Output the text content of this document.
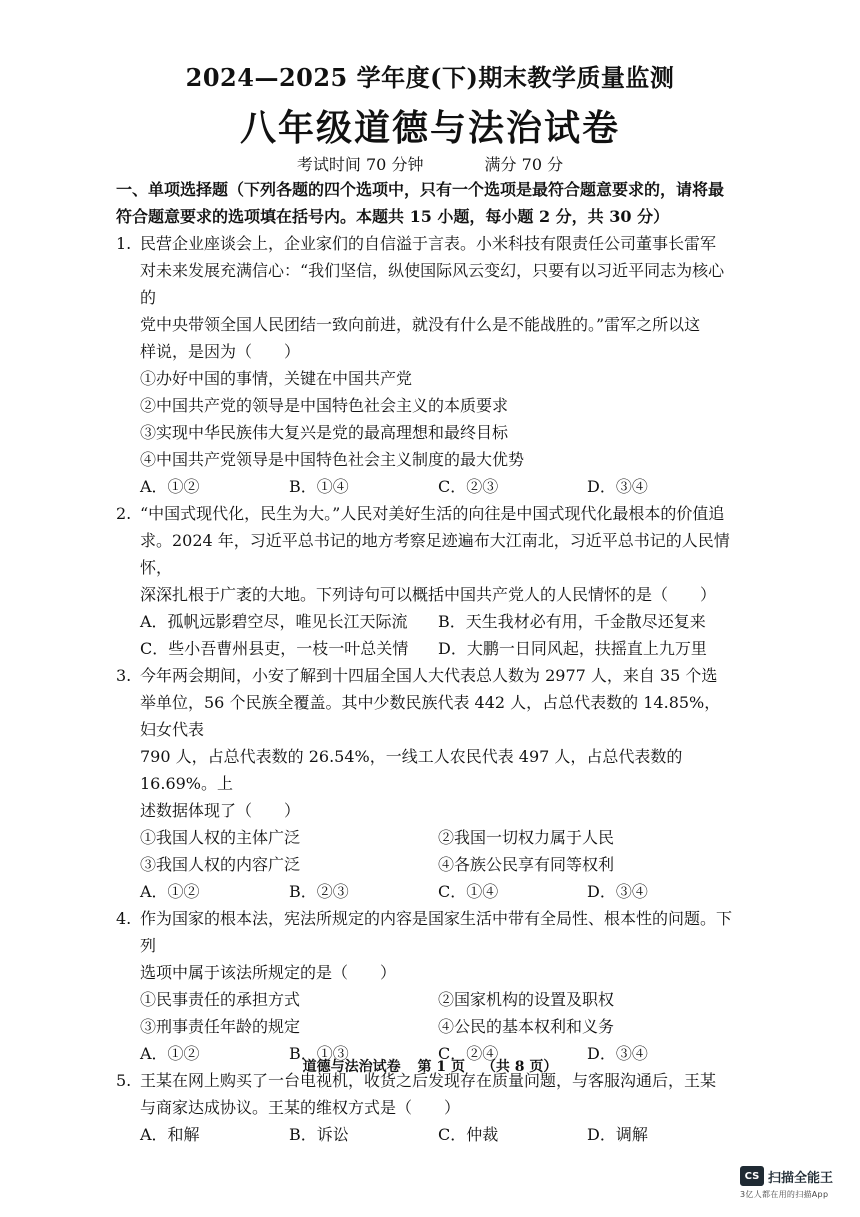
2024—2025 学年度(下)期末教学质量监测
八年级道德与法治试卷
考试时间 70 分钟	满分 70 分
一、单项选择题（下列各题的四个选项中，只有一个选项是最符合题意要求的，请将最
符合题意要求的选项填在括号内。本题共 15 小题，每小题 2 分，共 30 分）
1. 民营企业座谈会上，企业家们的自信溢于言表。小米科技有限责任公司董事长雷军
对未来发展充满信心：“我们坚信，纵使国际风云变幻，只要有以习近平同志为核心的
党中央带领全国人民团结一致向前进，就没有什么是不能战胜的。”雷军之所以这
样说，是因为（　　）
①办好中国的事情，关键在中国共产党
②中国共产党的领导是中国特色社会主义的本质要求
③实现中华民族伟大复兴是党的最高理想和最终目标
④中国共产党领导是中国特色社会主义制度的最大优势
A．①②	B．①④	C．②③	D．③④
2. “中国式现代化，民生为大。”人民对美好生活的向往是中国式现代化最根本的价值追
求。2024 年，习近平总书记的地方考察足迹遍布大江南北，习近平总书记的人民情怀，
深深扎根于广袤的大地。下列诗句可以概括中国共产党人的人民情怀的是（　　）
A．孤帆远影碧空尽，唯见长江天际流	B．天生我材必有用，千金散尽还复来
C．些小吾曹州县吏，一枝一叶总关情	D．大鹏一日同风起，扶摇直上九万里
3. 今年两会期间，小安了解到十四届全国人大代表总人数为 2977 人，来自 35 个选
举单位，56 个民族全覆盖。其中少数民族代表 442 人，占总代表数的 14.85%，妇女代表
790 人，占总代表数的 26.54%，一线工人农民代表 497 人，占总代表数的 16.69%。上
述数据体现了（　　）
①我国人权的主体广泛	②我国一切权力属于人民
③我国人权的内容广泛	④各族公民享有同等权利
A．①②	B．②③	C．①④	D．③④
4. 作为国家的根本法，宪法所规定的内容是国家生活中带有全局性、根本性的问题。下列
选项中属于该法所规定的是（　　）
①民事责任的承担方式	②国家机构的设置及职权
③刑事责任年龄的规定	④公民的基本权利和义务
A．①②	B．①③	C．②④	D．③④
5. 王某在网上购买了一台电视机，收货之后发现存在质量问题，与客服沟通后，王某
与商家达成协议。王某的维权方式是（　　）
A．和解	B．诉讼	C．仲裁	D．调解
道德与法治试卷 第 1 页 （共 8 页）
CS 扫描全能王
3亿人都在用的扫描App
